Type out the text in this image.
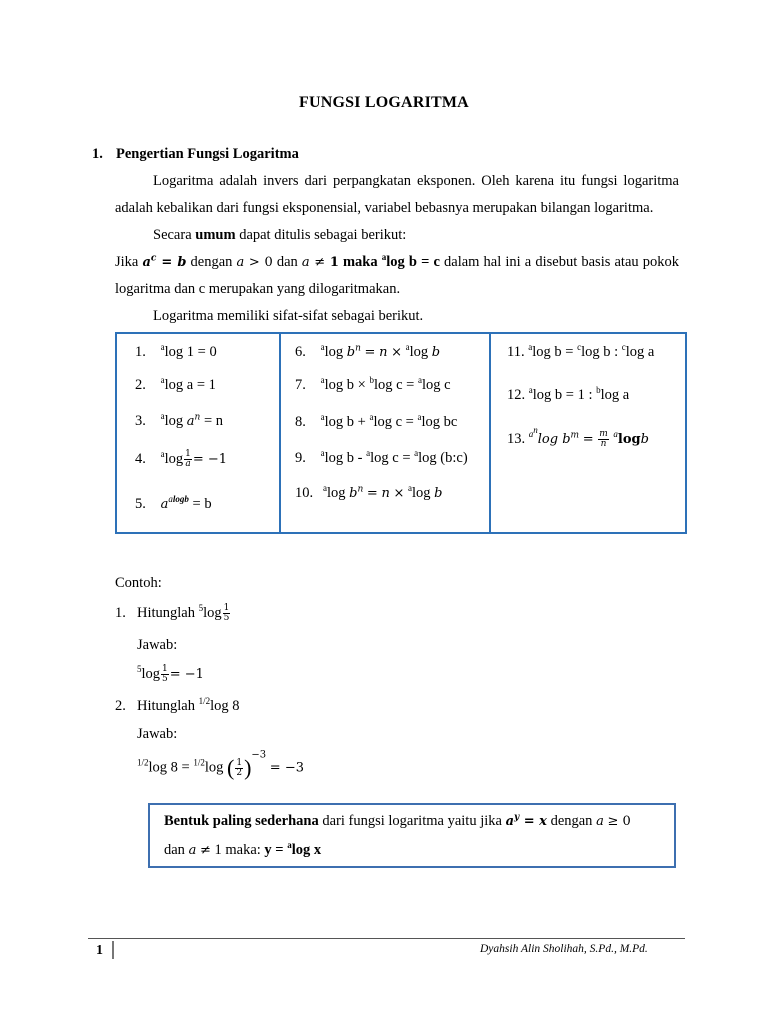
FUNGSI LOGARITMA
1. Pengertian Fungsi Logaritma
Logaritma adalah invers dari perpangkatan eksponen. Oleh karena itu fungsi logaritma adalah kebalikan dari fungsi eksponensial, variabel bebasnya merupakan bilangan logaritma.
Secara umum dapat ditulis sebagai berikut:
Jika $a^c = b$ dengan a > 0 dan a ≠ 1 maka $^a$log b = c dalam hal ini a disebut basis atau pokok logaritma dan c merupakan yang dilogaritmakan.
Logaritma memiliki sifat-sifat sebagai berikut.
1. $^a$log 1 = 0
2. $^a$log a = 1
3. $^a$log $a^n = n$
4. $^a\log \frac{1}{a} = -1$
5. $a^{alogb} = b$
6. $^a$log $b^n = n \times ^a\log$ b
7. $^a$log b × $^b$log c = $^a$log c
8. $^a$log b + $^a$log c = $^a$log bc
9. $^a$log b - $^a$log c = $^a$log (b:c)
10. $^a$log $b^n = n \times ^a\log$ b
11. $^a$log b = $^c$log b : $^c$log a
12. $^a$log b = 1 : $^b$log a
13. $^{a^n}$log $b^m = \frac{m}{n} ^a\log b$
Contoh:
1. Hitunglah $^5\log \frac{1}{5}$
Jawab:
$^5\log \frac{1}{5} = -1$
2. Hitunglah $^{1/2}$log 8
Jawab:
$^{1/2}$log 8 = $^{1/2}$log ( $\frac{1}{2} )^{-3} = -3$
Bentuk paling sederhana dari fungsi logaritma yaitu jika $a^y = x$ dengan a ≥ 0
dan a ≠ 1 maka: y = $^a$log x
1	Dyahsih Alin Sholihah, S.Pd., M.Pd.
